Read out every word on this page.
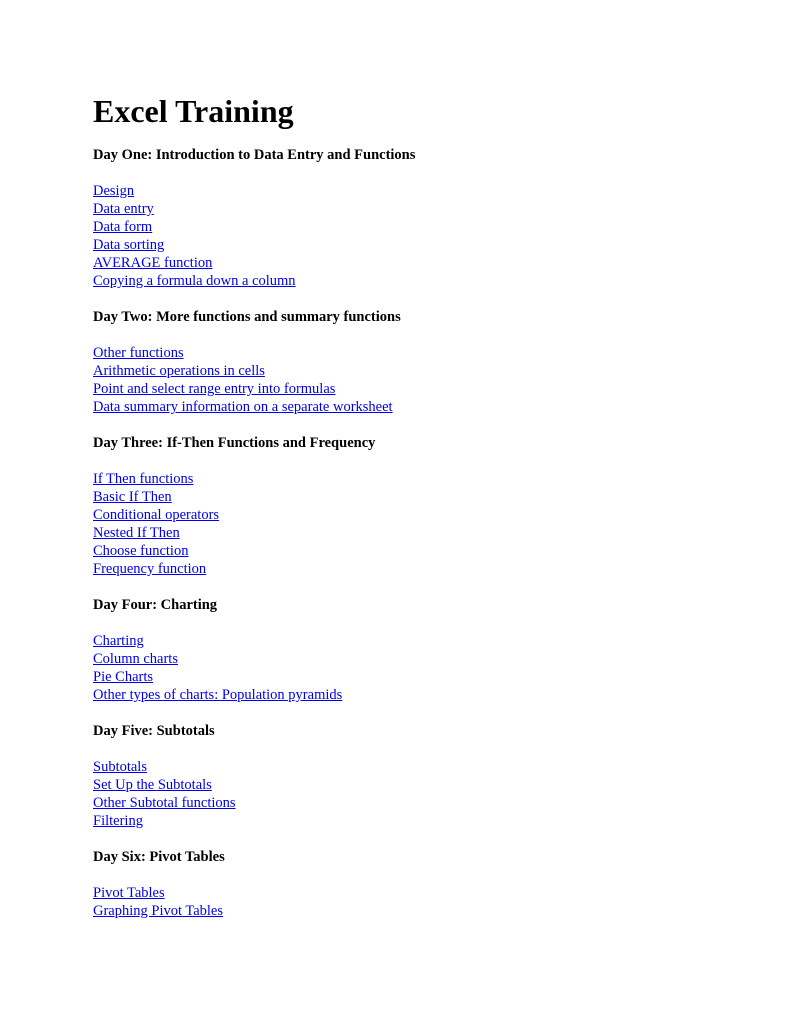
Excel Training
Day One: Introduction to Data Entry and Functions
Design
Data entry
Data form
Data sorting
AVERAGE function
Copying a formula down a column
Day Two: More functions and summary functions
Other functions
Arithmetic operations in cells
Point and select range entry into formulas
Data summary information on a separate worksheet
Day Three: If-Then Functions and Frequency
If Then functions
Basic If Then
Conditional operators
Nested If Then
Choose function
Frequency function
Day Four: Charting
Charting
Column charts
Pie Charts
Other types of charts: Population pyramids
Day Five: Subtotals
Subtotals
Set Up the Subtotals
Other Subtotal functions
Filtering
Day Six: Pivot Tables
Pivot Tables
Graphing Pivot Tables
